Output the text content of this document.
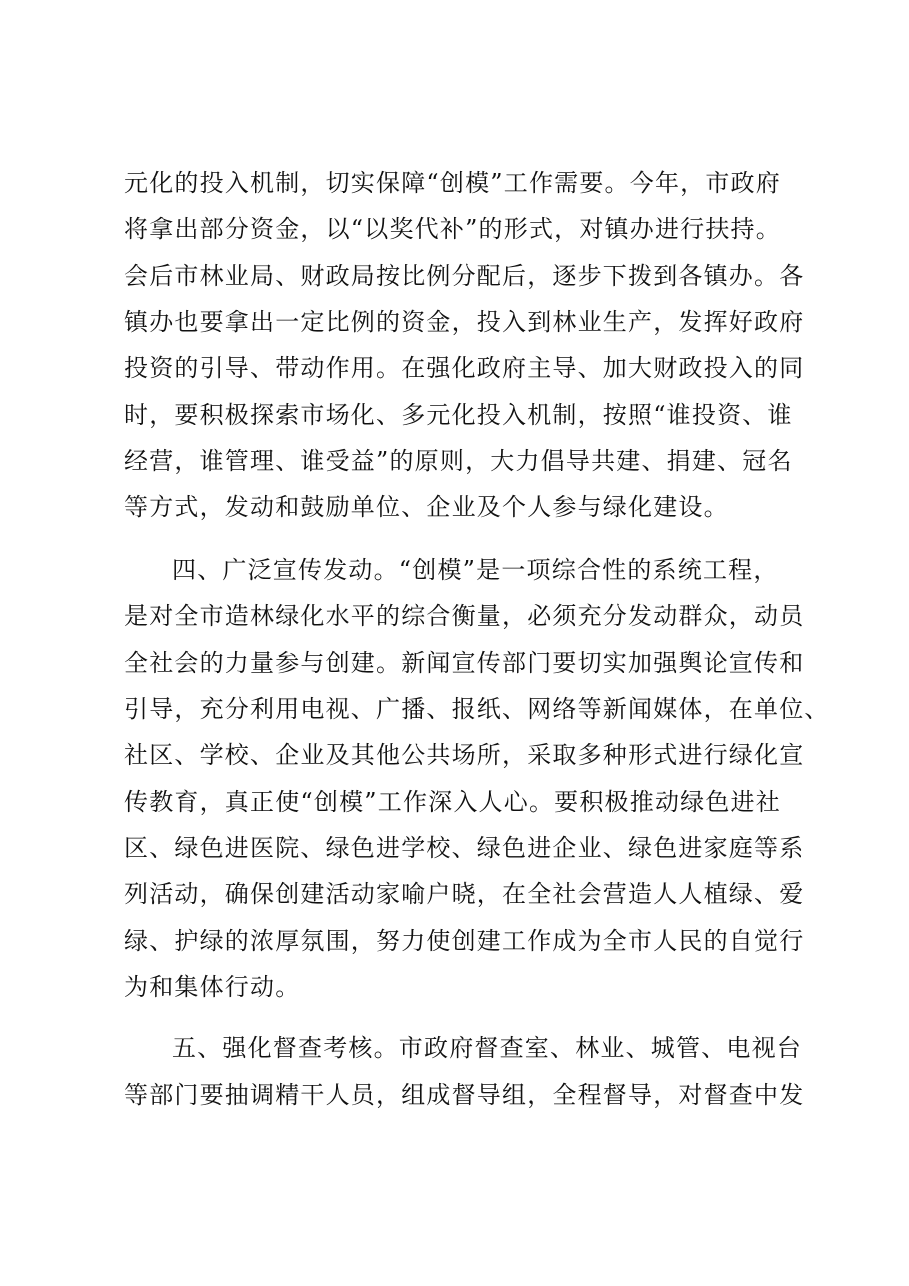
元化的投入机制，切实保障“创模”工作需要。今年，市政府
将拿出部分资金，以“以奖代补”的形式，对镇办进行扶持。
会后市林业局、财政局按比例分配后，逐步下拨到各镇办。各
镇办也要拿出一定比例的资金，投入到林业生产，发挥好政府
投资的引导、带动作用。在强化政府主导、加大财政投入的同
时，要积极探索市场化、多元化投入机制，按照“谁投资、谁
经营，谁管理、谁受益”的原则，大力倡导共建、捐建、冠名
等方式，发动和鼓励单位、企业及个人参与绿化建设。
四、广泛宣传发动。“创模”是一项综合性的系统工程，
是对全市造林绿化水平的综合衡量，必须充分发动群众，动员
全社会的力量参与创建。新闻宣传部门要切实加强舆论宣传和
引导，充分利用电视、广播、报纸、网络等新闻媒体，在单位、
社区、学校、企业及其他公共场所，采取多种形式进行绿化宣
传教育，真正使“创模”工作深入人心。要积极推动绿色进社
区、绿色进医院、绿色进学校、绿色进企业、绿色进家庭等系
列活动，确保创建活动家喻户晓，在全社会营造人人植绿、爱
绿、护绿的浓厚氛围，努力使创建工作成为全市人民的自觉行
为和集体行动。
五、强化督查考核。市政府督查室、林业、城管、电视台
等部门要抽调精干人员，组成督导组，全程督导，对督查中发
